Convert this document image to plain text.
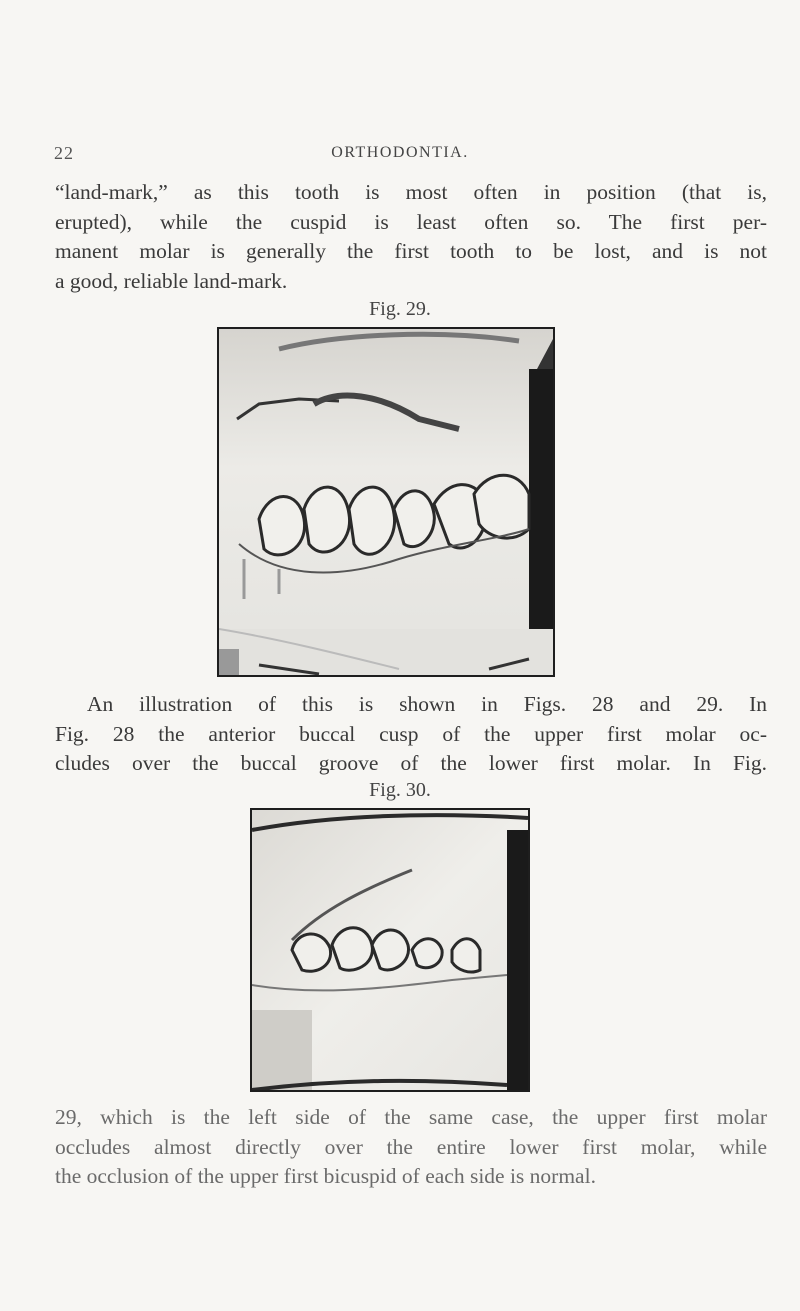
22	ORTHODONTIA.

“land-mark,” as this tooth is most often in position (that is,
erupted), while the cuspid is least often so. The first per-
manent molar is generally the first tooth to be lost, and is not
a good, reliable land-mark.

Fig. 29.

An illustration of this is shown in Figs. 28 and 29. In
Fig. 28 the anterior buccal cusp of the upper first molar oc-
cludes over the buccal groove of the lower first molar. In Fig.

Fig. 30.

29, which is the left side of the same case, the upper first molar
occludes almost directly over the entire lower first molar, while
the occlusion of the upper first bicuspid of each side is normal.
